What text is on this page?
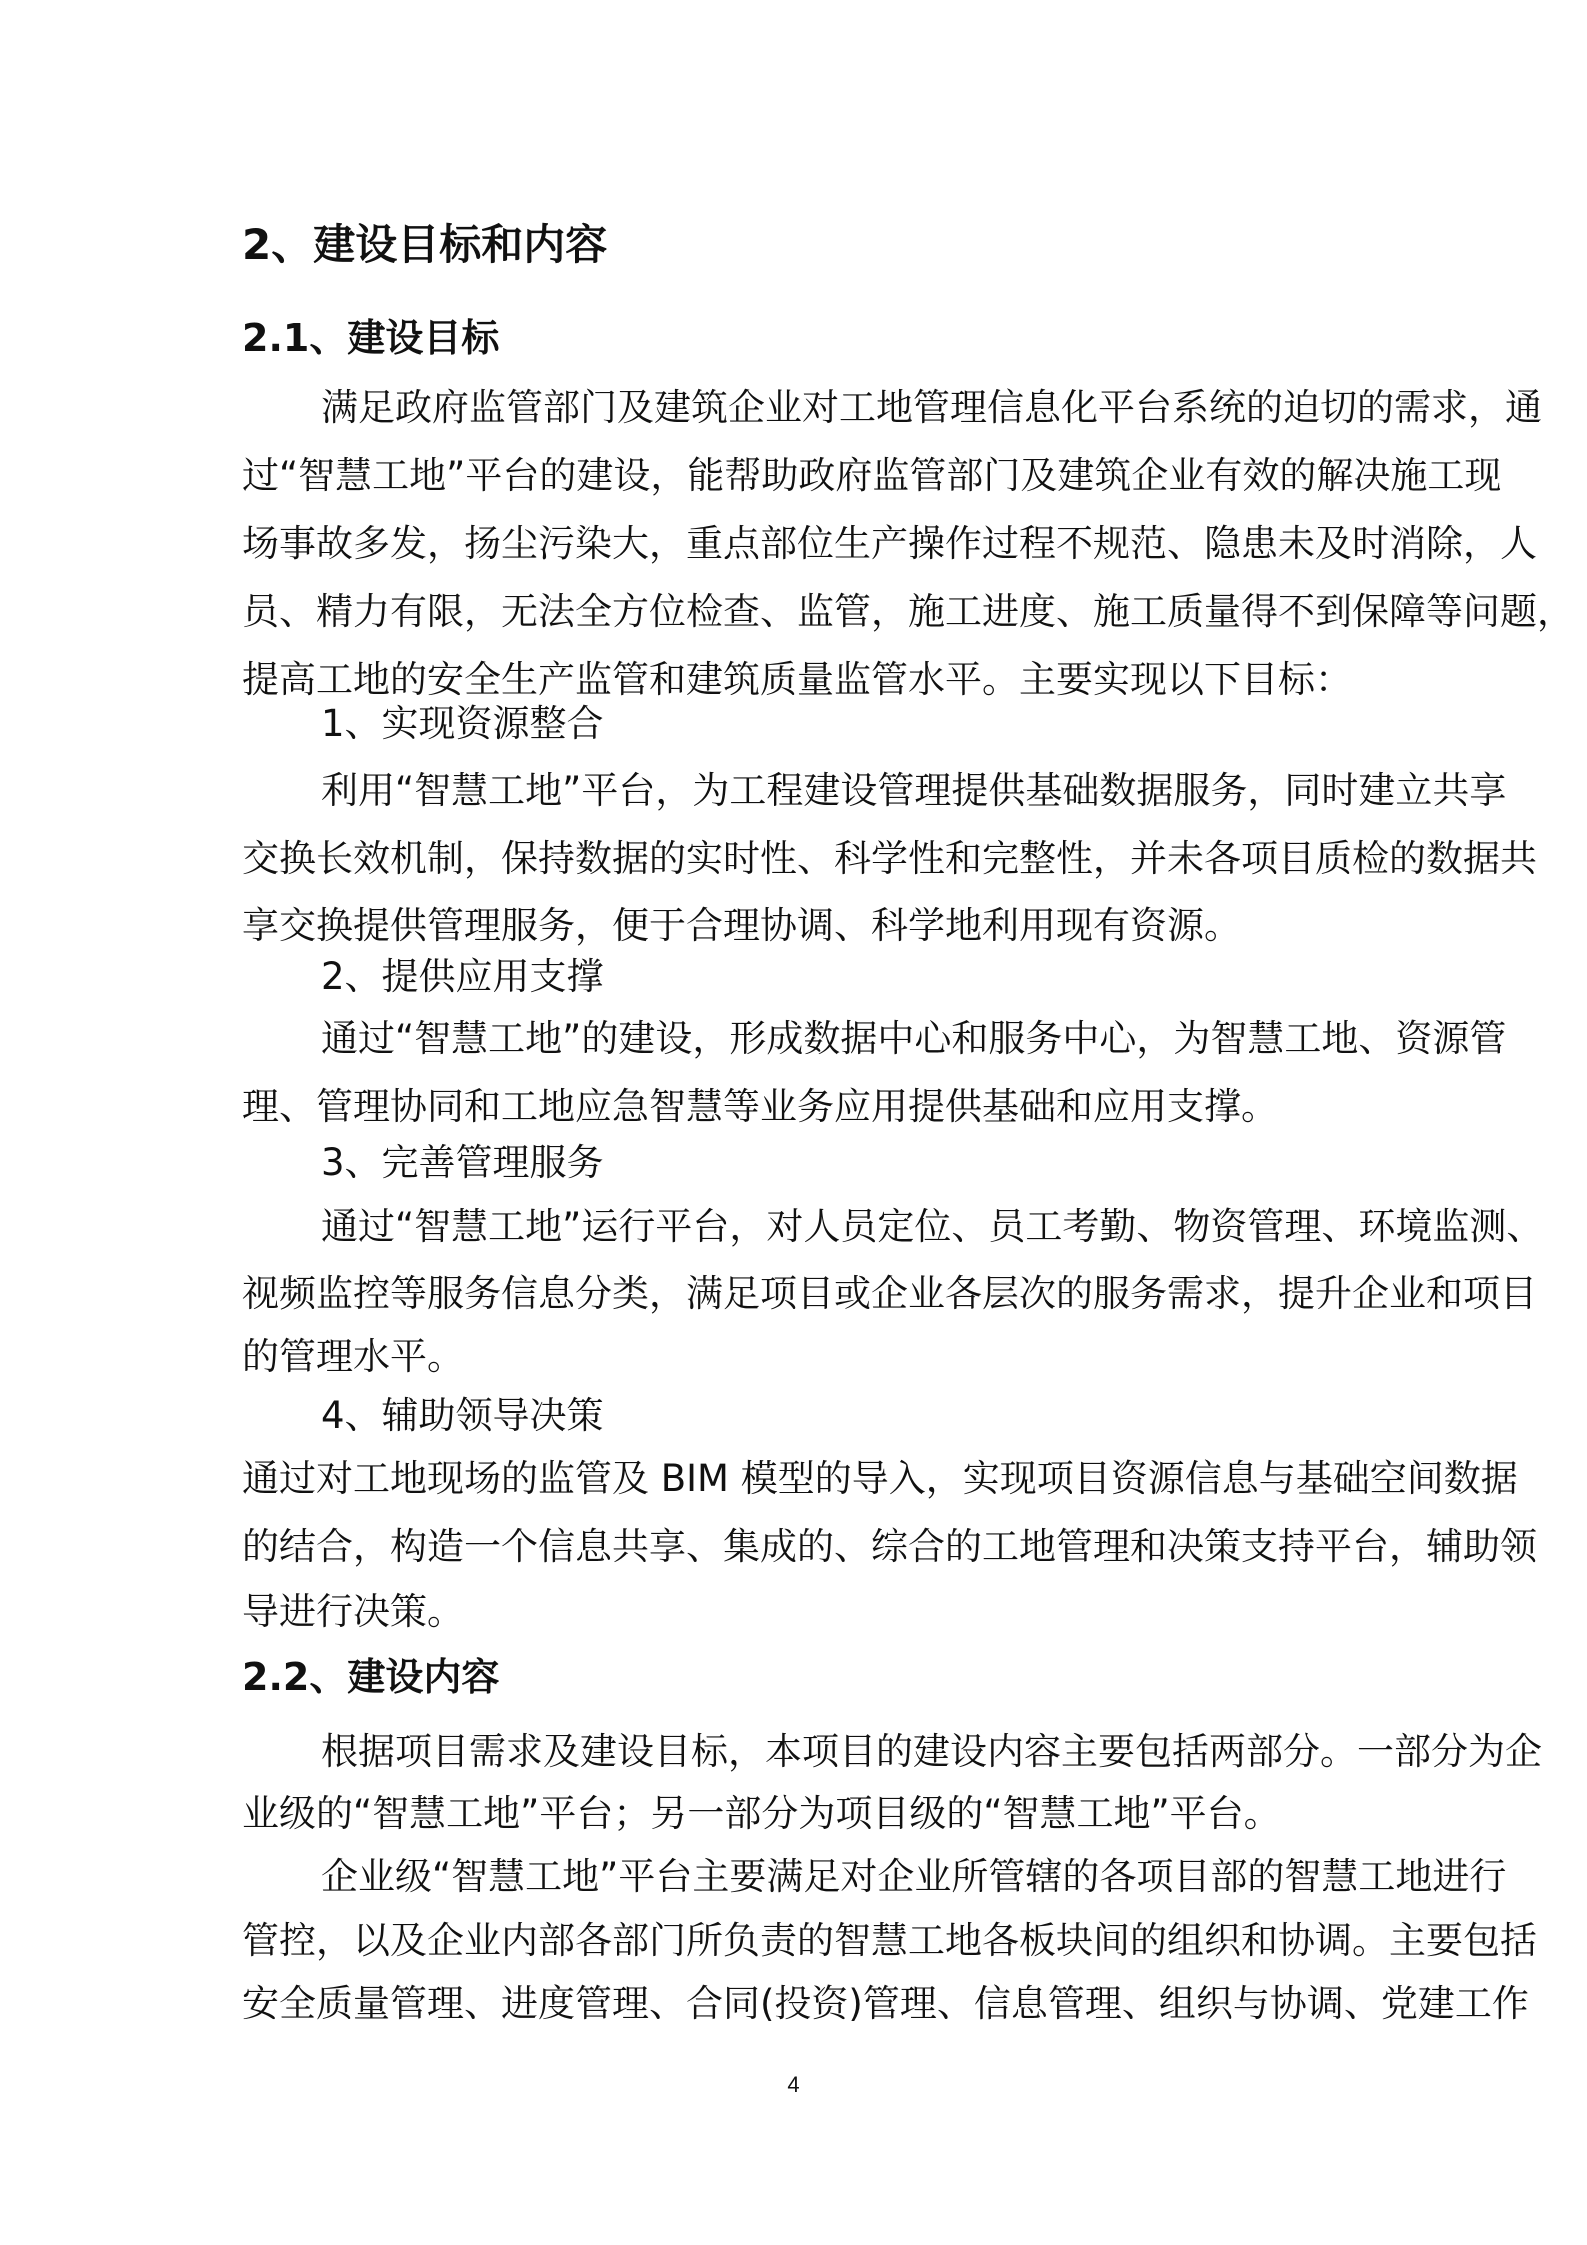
2、建设目标和内容
2.1、建设目标
满足政府监管部门及建筑企业对工地管理信息化平台系统的迫切的需求，通
过“智慧工地”平台的建设，能帮助政府监管部门及建筑企业有效的解决施工现
场事故多发，扬尘污染大，重点部位生产操作过程不规范、隐患未及时消除，人
员、精力有限，无法全方位检查、监管，施工进度、施工质量得不到保障等问题，
提高工地的安全生产监管和建筑质量监管水平。主要实现以下目标：
1、实现资源整合
利用“智慧工地”平台，为工程建设管理提供基础数据服务，同时建立共享
交换长效机制，保持数据的实时性、科学性和完整性，并未各项目质检的数据共
享交换提供管理服务，便于合理协调、科学地利用现有资源。
2、提供应用支撑
通过“智慧工地”的建设，形成数据中心和服务中心，为智慧工地、资源管
理、管理协同和工地应急智慧等业务应用提供基础和应用支撑。
3、完善管理服务
通过“智慧工地”运行平台，对人员定位、员工考勤、物资管理、环境监测、
视频监控等服务信息分类，满足项目或企业各层次的服务需求，提升企业和项目
的管理水平。
4、辅助领导决策
通过对工地现场的监管及 BIM 模型的导入，实现项目资源信息与基础空间数据
的结合，构造一个信息共享、集成的、综合的工地管理和决策支持平台，辅助领
导进行决策。
2.2、建设内容
根据项目需求及建设目标，本项目的建设内容主要包括两部分。一部分为企
业级的“智慧工地”平台；另一部分为项目级的“智慧工地”平台。
企业级“智慧工地”平台主要满足对企业所管辖的各项目部的智慧工地进行
管控，以及企业内部各部门所负责的智慧工地各板块间的组织和协调。主要包括
安全质量管理、进度管理、合同(投资)管理、信息管理、组织与协调、党建工作
4
